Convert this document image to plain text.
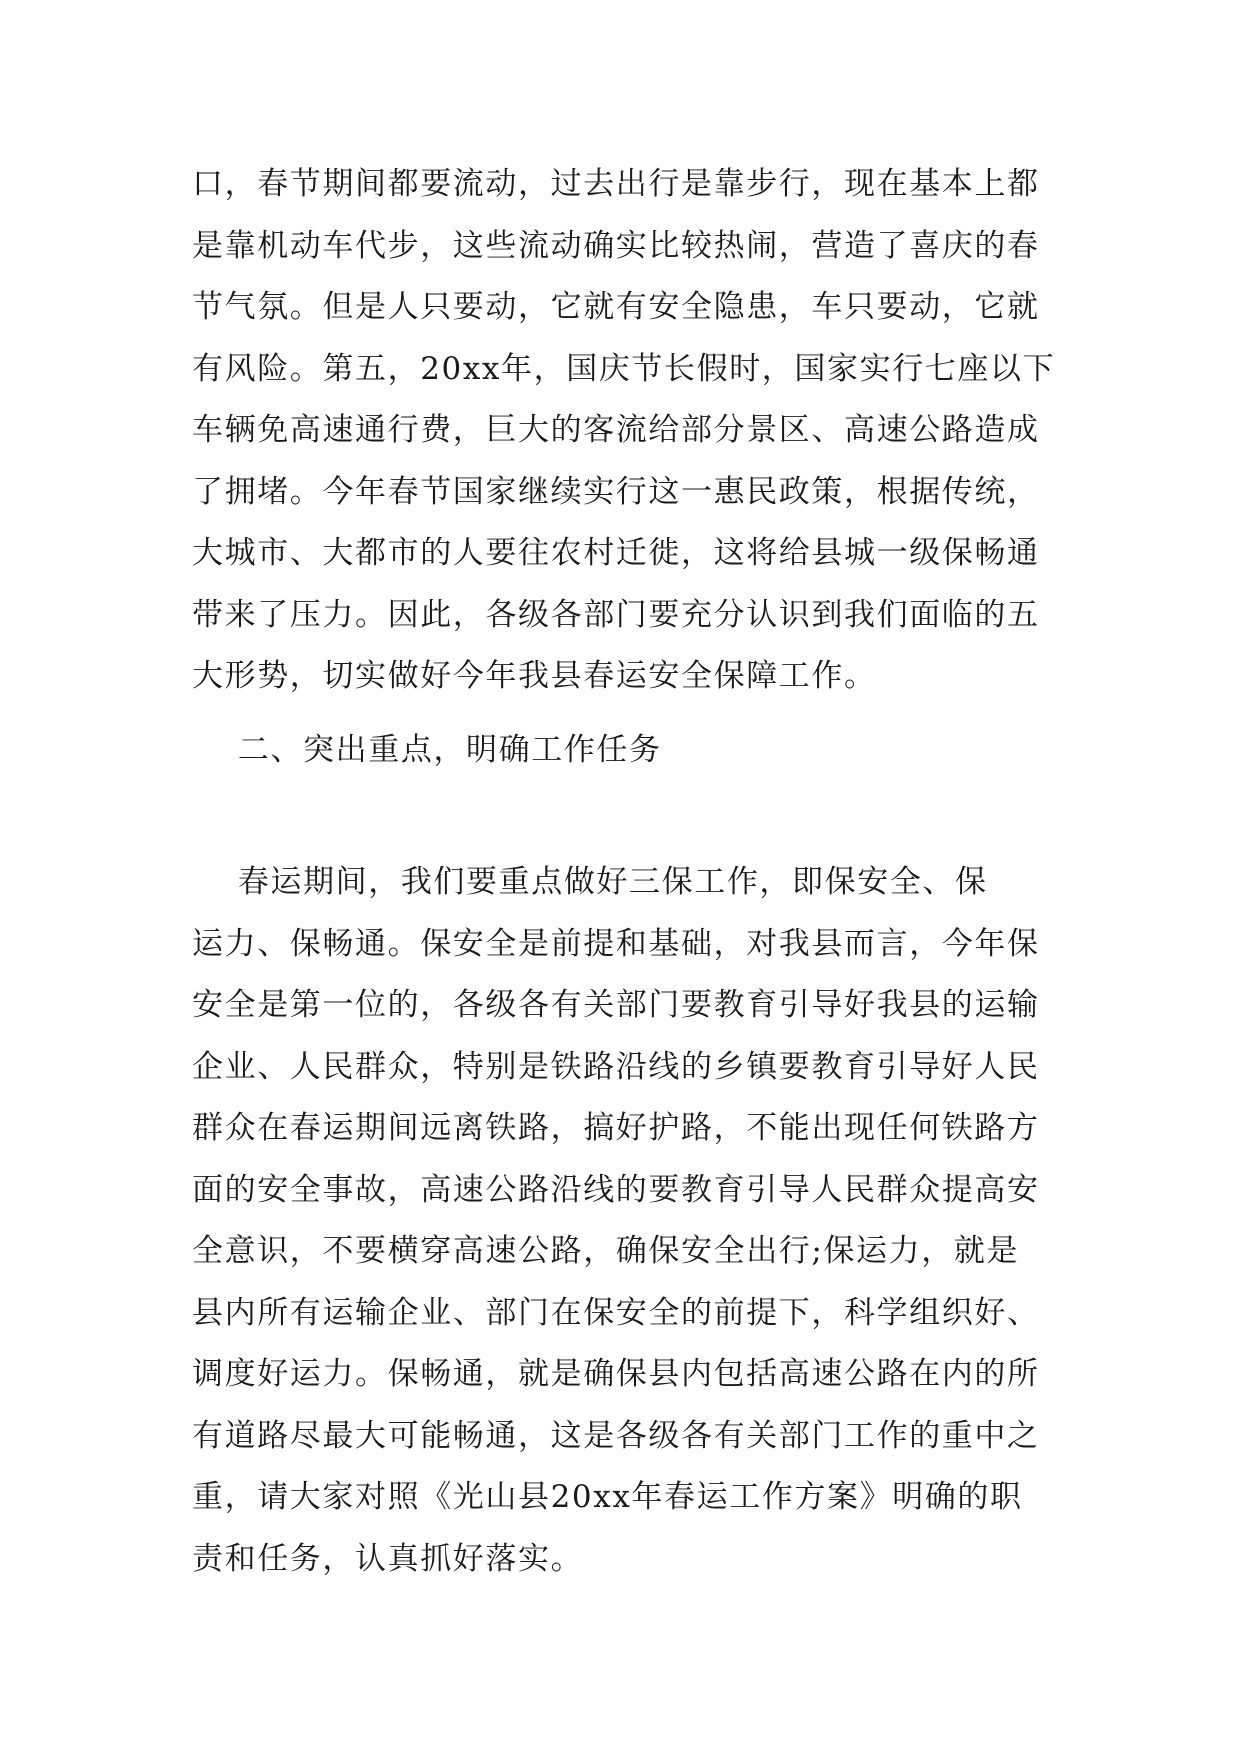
口，春节期间都要流动，过去出行是靠步行，现在基本上都
是靠机动车代步，这些流动确实比较热闹，营造了喜庆的春
节气氛。但是人只要动，它就有安全隐患，车只要动，它就
有风险。第五，20xx年，国庆节长假时，国家实行七座以下
车辆免高速通行费，巨大的客流给部分景区、高速公路造成
了拥堵。今年春节国家继续实行这一惠民政策，根据传统，
大城市、大都市的人要往农村迁徙，这将给县城一级保畅通
带来了压力。因此，各级各部门要充分认识到我们面临的五
大形势，切实做好今年我县春运安全保障工作。
二、突出重点，明确工作任务
春运期间，我们要重点做好三保工作，即保安全、保
运力、保畅通。保安全是前提和基础，对我县而言，今年保
安全是第一位的，各级各有关部门要教育引导好我县的运输
企业、人民群众，特别是铁路沿线的乡镇要教育引导好人民
群众在春运期间远离铁路，搞好护路，不能出现任何铁路方
面的安全事故，高速公路沿线的要教育引导人民群众提高安
全意识，不要横穿高速公路，确保安全出行;保运力，就是
县内所有运输企业、部门在保安全的前提下，科学组织好、
调度好运力。保畅通，就是确保县内包括高速公路在内的所
有道路尽最大可能畅通，这是各级各有关部门工作的重中之
重，请大家对照《光山县20xx年春运工作方案》明确的职
责和任务，认真抓好落实。
